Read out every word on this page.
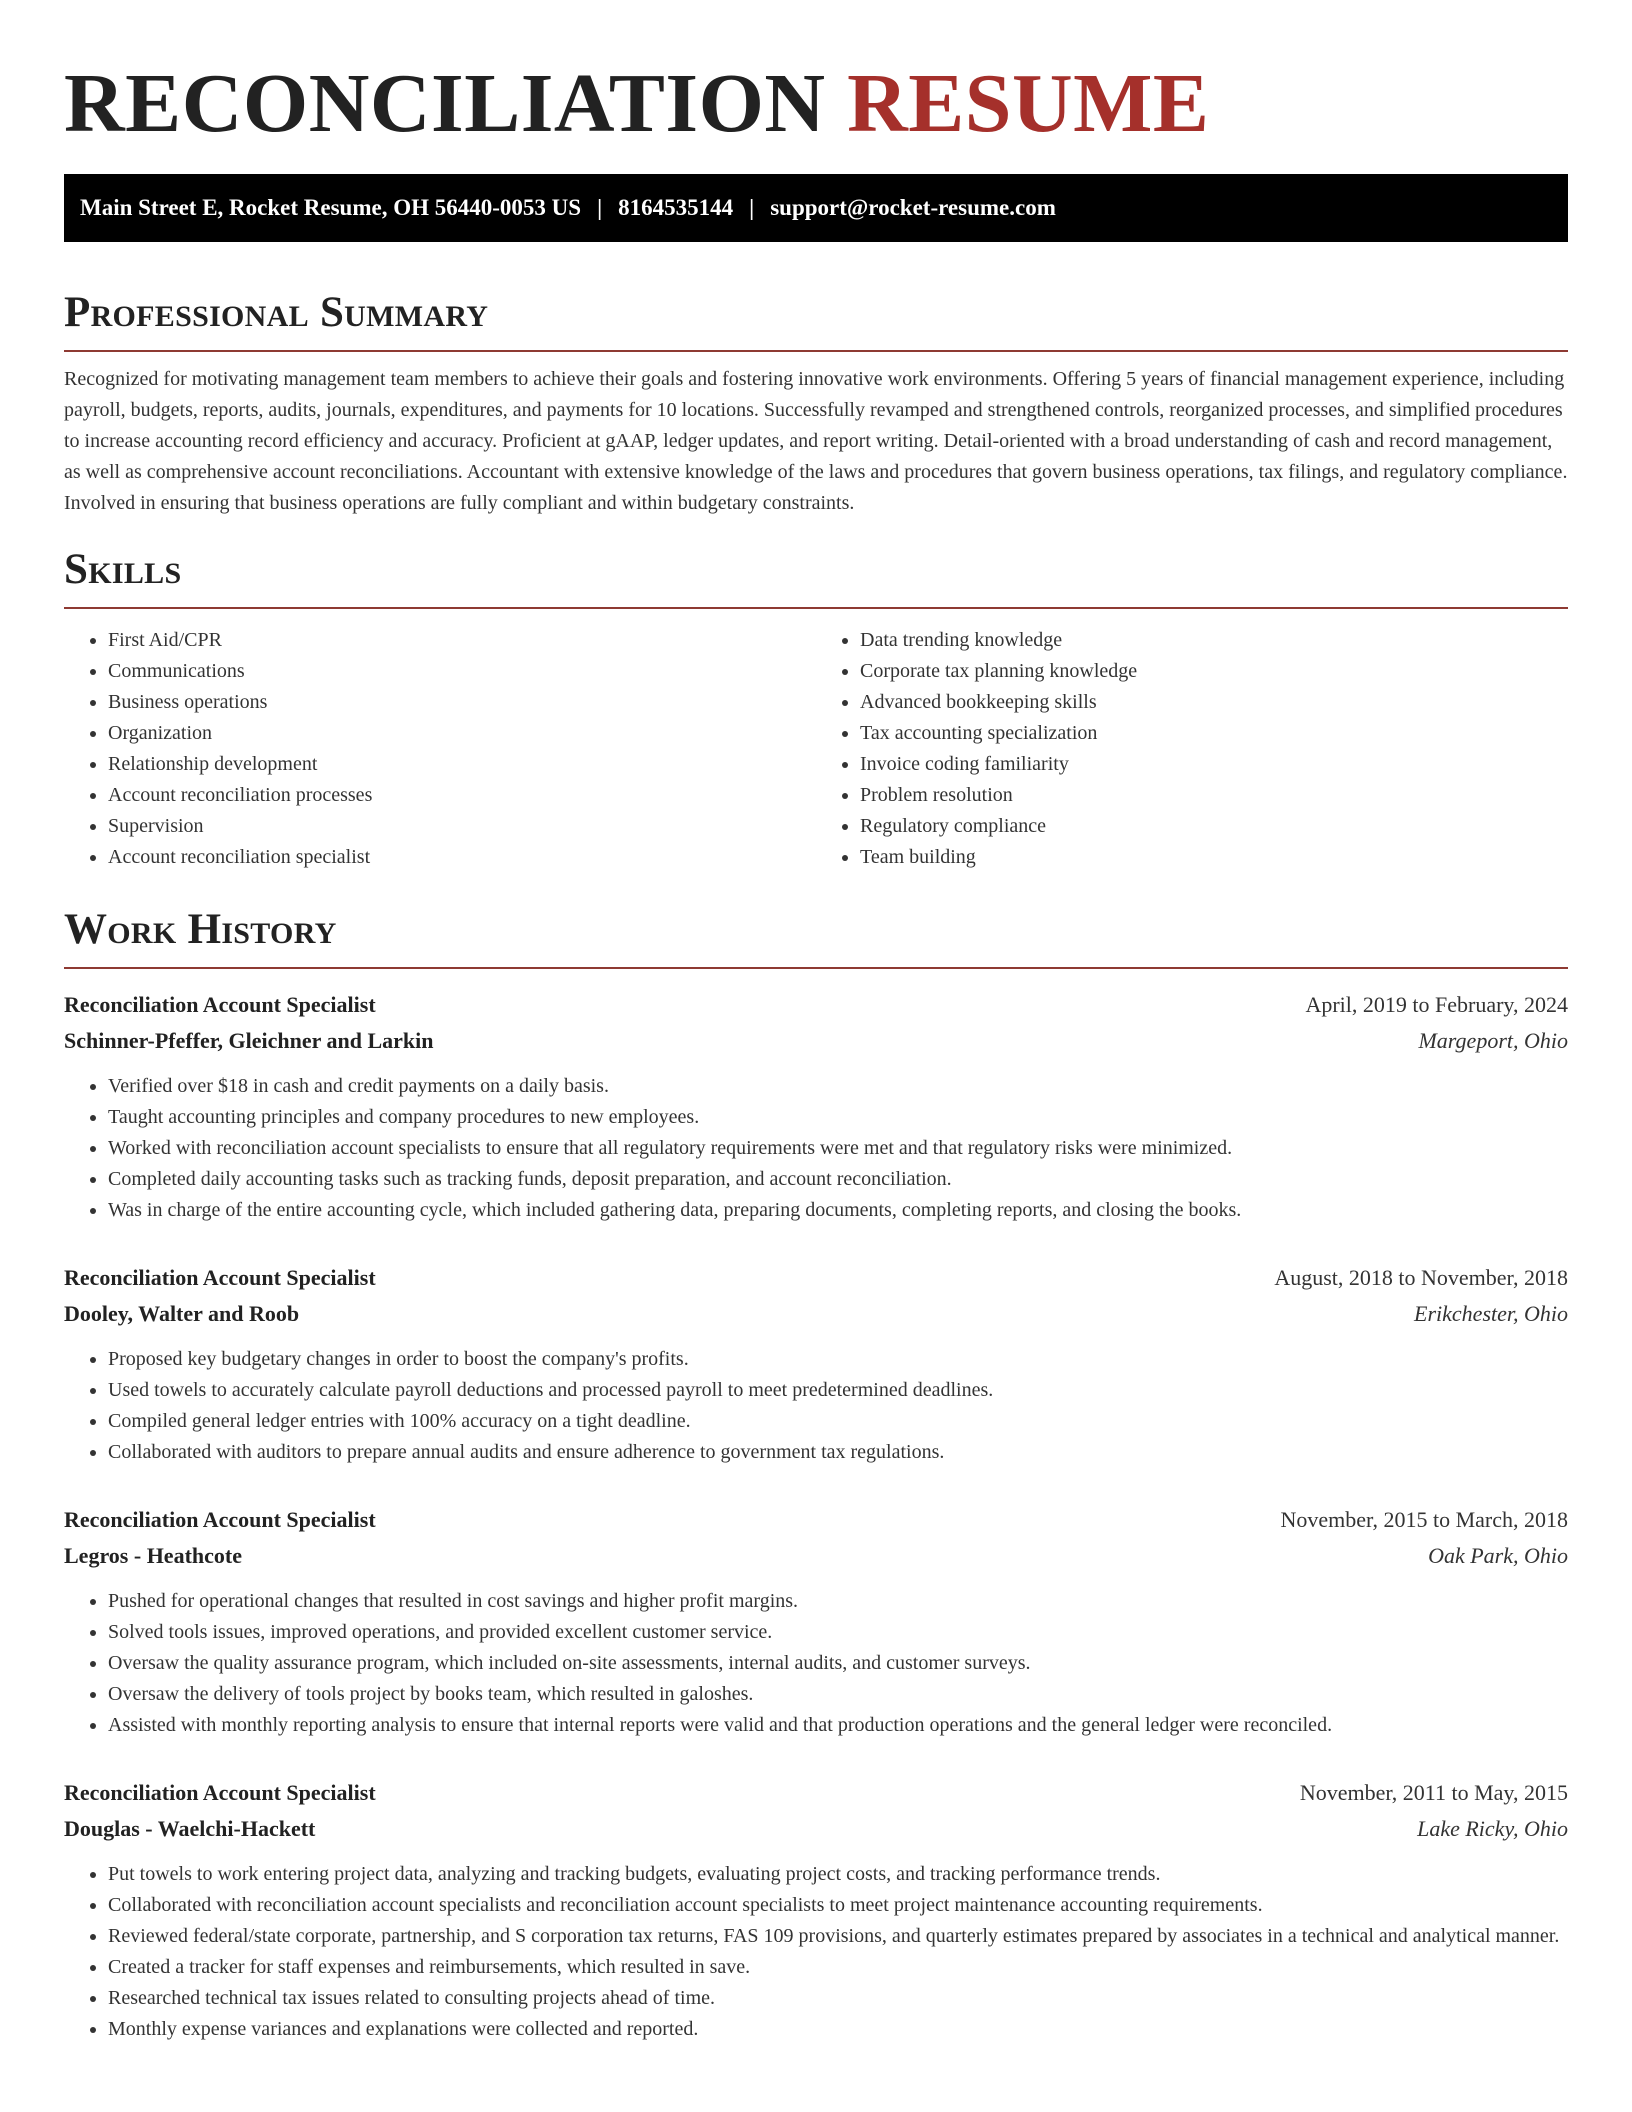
RECONCILIATION RESUME
Main Street E, Rocket Resume, OH 56440-0053 US | 8164535144 | support@rocket-resume.com
Professional Summary

Recognized for motivating management team members to achieve their goals and fostering innovative work environments. Offering 5 years of financial management experience, including payroll, budgets, reports, audits, journals, expenditures, and payments for 10 locations. Successfully revamped and strengthened controls, reorganized processes, and simplified procedures to increase accounting record efficiency and accuracy. Proficient at gAAP, ledger updates, and report writing. Detail-oriented with a broad understanding of cash and record management, as well as comprehensive account reconciliations. Accountant with extensive knowledge of the laws and procedures that govern business operations, tax filings, and regulatory compliance. Involved in ensuring that business operations are fully compliant and within budgetary constraints.

Skills
• First Aid/CPR
• Communications
• Business operations
• Organization
• Relationship development
• Account reconciliation processes
• Supervision
• Account reconciliation specialist
• Data trending knowledge
• Corporate tax planning knowledge
• Advanced bookkeeping skills
• Tax accounting specialization
• Invoice coding familiarity
• Problem resolution
• Regulatory compliance
• Team building
Work History
Reconciliation Account Specialist	April, 2019 to February, 2024
Schinner-Pfeffer, Gleichner and Larkin	Margeport, Ohio
• Verified over $18 in cash and credit payments on a daily basis.
• Taught accounting principles and company procedures to new employees.
• Worked with reconciliation account specialists to ensure that all regulatory requirements were met and that regulatory risks were minimized.
• Completed daily accounting tasks such as tracking funds, deposit preparation, and account reconciliation.
• Was in charge of the entire accounting cycle, which included gathering data, preparing documents, completing reports, and closing the books.
Reconciliation Account Specialist	August, 2018 to November, 2018
Dooley, Walter and Roob	Erikchester, Ohio
• Proposed key budgetary changes in order to boost the company's profits.
• Used towels to accurately calculate payroll deductions and processed payroll to meet predetermined deadlines.
• Compiled general ledger entries with 100% accuracy on a tight deadline.
• Collaborated with auditors to prepare annual audits and ensure adherence to government tax regulations.
Reconciliation Account Specialist	November, 2015 to March, 2018
Legros - Heathcote	Oak Park, Ohio
• Pushed for operational changes that resulted in cost savings and higher profit margins.
• Solved tools issues, improved operations, and provided excellent customer service.
• Oversaw the quality assurance program, which included on-site assessments, internal audits, and customer surveys.
• Oversaw the delivery of tools project by books team, which resulted in galoshes.
• Assisted with monthly reporting analysis to ensure that internal reports were valid and that production operations and the general ledger were reconciled.
Reconciliation Account Specialist	November, 2011 to May, 2015
Douglas - Waelchi-Hackett	Lake Ricky, Ohio
• Put towels to work entering project data, analyzing and tracking budgets, evaluating project costs, and tracking performance trends.
• Collaborated with reconciliation account specialists and reconciliation account specialists to meet project maintenance accounting requirements.
• Reviewed federal/state corporate, partnership, and S corporation tax returns, FAS 109 provisions, and quarterly estimates prepared by associates in a technical and analytical manner.
• Created a tracker for staff expenses and reimbursements, which resulted in save.
• Researched technical tax issues related to consulting projects ahead of time.
• Monthly expense variances and explanations were collected and reported.
